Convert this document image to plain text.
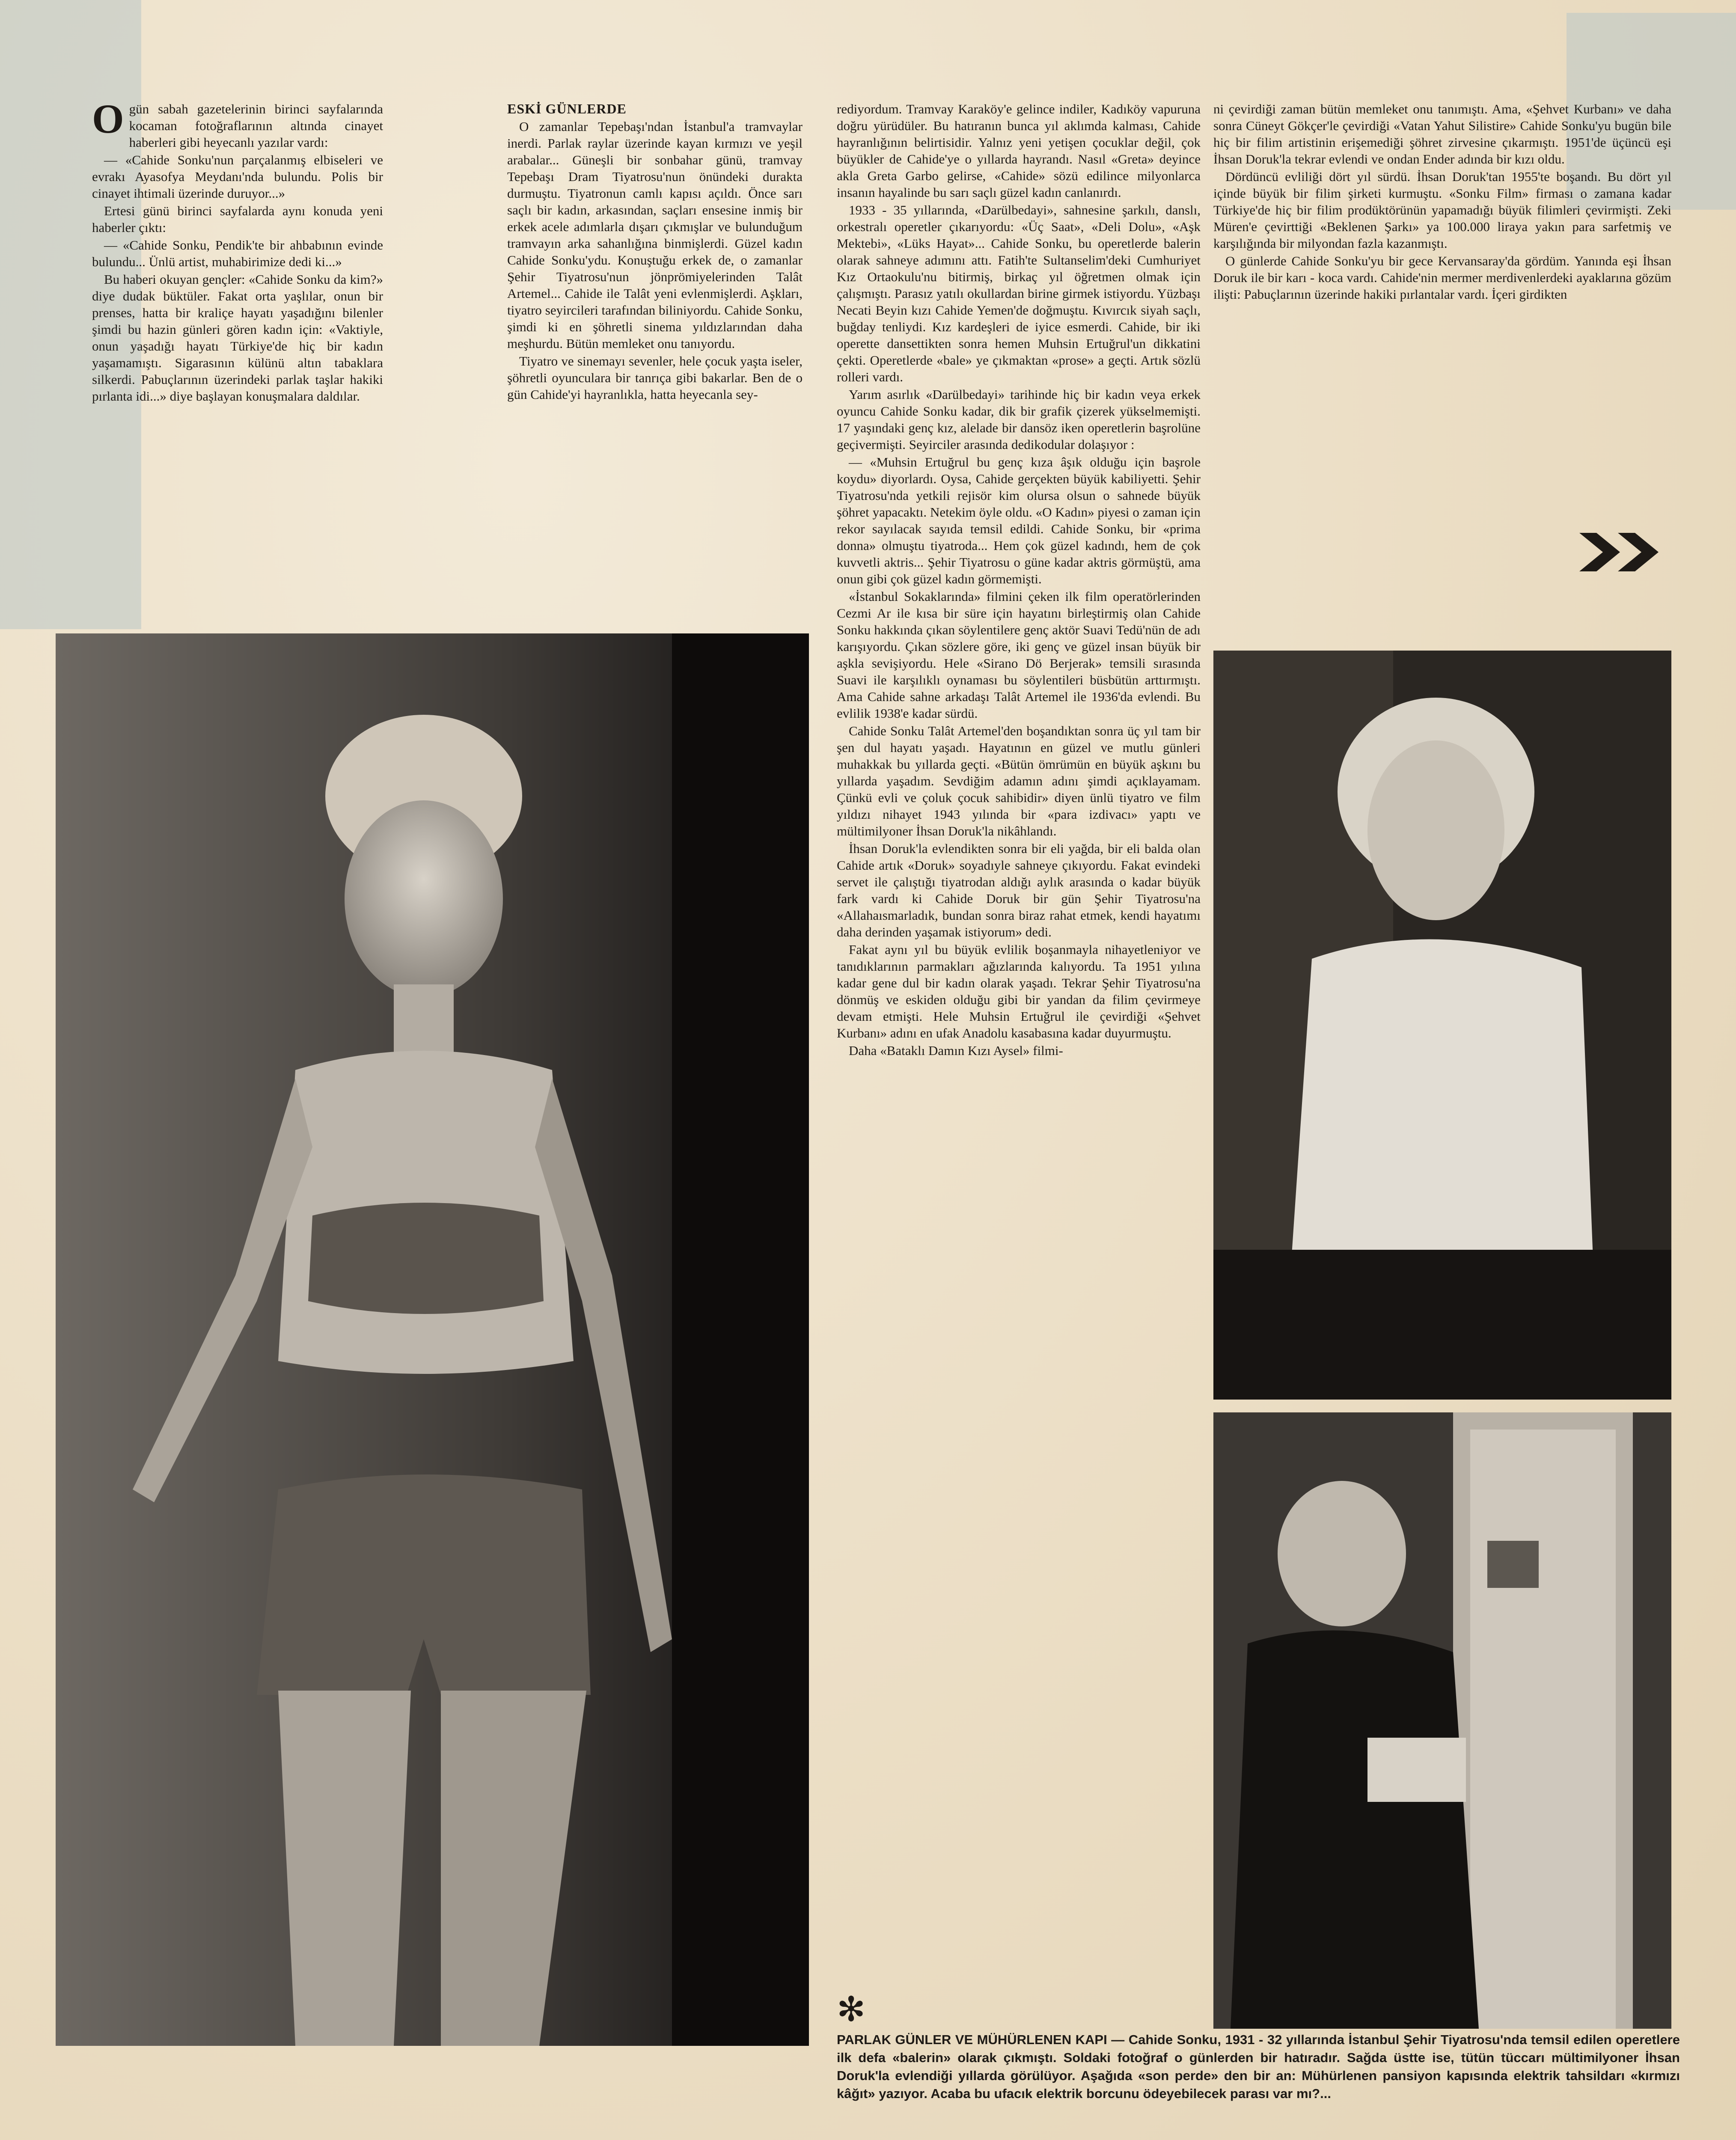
O gün sabah gazetelerinin birinci sayfalarında kocaman fotoğraflarının altında cinayet haberleri gibi heyecanlı yazılar vardı:

— «Cahide Sonku'nun parçalanmış elbiseleri ve evrakı Ayasofya Meydanı'nda bulundu. Polis bir cinayet ihtimali üzerinde duruyor...»

Ertesi günü birinci sayfalarda aynı konuda yeni haberler çıktı:

— «Cahide Sonku, Pendik'te bir ahbabının evinde bulundu... Ünlü artist, muhabirimize dedi ki...»

Bu haberi okuyan gençler: «Cahide Sonku da kim?» diye dudak büktüler. Fakat orta yaşlılar, onun bir prenses, hatta bir kraliçe hayatı yaşadığını bilenler şimdi bu hazin günleri gören kadın için: «Vaktiyle, onun yaşadığı hayatı Türkiye'de hiç bir kadın yaşamamıştı. Sigarasının külünü altın tabaklara silkerdi. Pabuçlarının üzerindeki parlak taşlar hakiki pırlanta idi...» diye başlayan konuşmalara daldılar.

ESKİ GÜNLERDE

O zamanlar Tepebaşı'ndan İstanbul'a tramvaylar inerdi. Parlak raylar üzerinde kayan kırmızı ve yeşil arabalar... Güneşli bir sonbahar günü, tramvay Tepebaşı Dram Tiyatrosu'nun önündeki durakta durmuştu. Tiyatronun camlı kapısı açıldı. Önce sarı saçlı bir kadın, arkasından, saçları ensesine inmiş bir erkek acele adımlarla dışarı çıkmışlar ve bulunduğum tramvayın arka sahanlığına binmişlerdi. Güzel kadın Cahide Sonku'ydu. Konuştuğu erkek de, o zamanlar Şehir Tiyatrosu'nun jönprömiyelerinden Talât Artemel... Cahide ile Talât yeni evlenmişlerdi. Aşkları, tiyatro seyircileri tarafından biliniyordu. Cahide Sonku, şimdi ki en şöhretli sinema yıldızlarından daha meşhurdu. Bütün memleket onu tanıyordu.

Tiyatro ve sinemayı sevenler, hele çocuk yaşta iseler, şöhretli oyunculara bir tanrıça gibi bakarlar. Ben de o gün Cahide'yi hayranlıkla, hatta heyecanla sey-

rediyordum. Tramvay Karaköy'e gelince indiler, Kadıköy vapuruna doğru yürüdüler. Bu hatıranın bunca yıl aklımda kalması, Cahide hayranlığının belirtisidir. Yalnız yeni yetişen çocuklar değil, çok büyükler de Cahide'ye o yıllarda hayrandı. Nasıl «Greta» deyince akla Greta Garbo gelirse, «Cahide» sözü edilince milyonlarca insanın hayalinde bu sarı saçlı güzel kadın canlanırdı.

1933 - 35 yıllarında, «Darülbedayi», sahnesine şarkılı, danslı, orkestralı operetler çıkarıyordu: «Üç Saat», «Deli Dolu», «Aşk Mektebi», «Lüks Hayat»... Cahide Sonku, bu operetlerde balerin olarak sahneye adımını attı. Fatih'te Sultanselim'deki Cumhuriyet Kız Ortaokulu'nu bitirmiş, birkaç yıl öğretmen olmak için çalışmıştı. Parasız yatılı okullardan birine girmek istiyordu. Yüzbaşı Necati Beyin kızı Cahide Yemen'de doğmuştu. Kıvırcık siyah saçlı, buğday tenliydi. Kız kardeşleri de iyice esmerdi. Cahide, bir iki operette dansettikten sonra hemen Muhsin Ertuğrul'un dikkatini çekti. Operetlerde «bale» ye çıkmaktan «prose» a geçti. Artık sözlü rolleri vardı.

Yarım asırlık «Darülbedayi» tarihinde hiç bir kadın veya erkek oyuncu Cahide Sonku kadar, dik bir grafik çizerek yükselmemişti. 17 yaşındaki genç kız, alelade bir dansöz iken operetlerin başrolüne geçivermişti. Seyirciler arasında dedikodular dolaşıyor :

— «Muhsin Ertuğrul bu genç kıza âşık olduğu için başrole koydu» diyorlardı. Oysa, Cahide gerçekten büyük kabiliyetti. Şehir Tiyatrosu'nda yetkili rejisör kim olursa olsun o sahnede büyük şöhret yapacaktı. Netekim öyle oldu. «O Kadın» piyesi o zaman için rekor sayılacak sayıda temsil edildi. Cahide Sonku, bir «prima donna» olmuştu tiyatroda... Hem çok güzel kadındı, hem de çok kuvvetli aktris... Şehir Tiyatrosu o güne kadar aktris görmüştü, ama onun gibi çok güzel kadın görmemişti.

«İstanbul Sokaklarında» filmini çeken ilk film operatörlerinden Cezmi Ar ile kısa bir süre için hayatını birleştirmiş olan Cahide Sonku hakkında çıkan söylentilere genç aktör Suavi Tedü'nün de adı karışıyordu. Çıkan sözlere göre, iki genç ve güzel insan büyük bir aşkla sevişiyordu. Hele «Sirano Dö Berjerak» temsili sırasında Suavi ile karşılıklı oynaması bu söylentileri büsbütün arttırmıştı. Ama Cahide sahne arkadaşı Talât Artemel ile 1936'da evlendi. Bu evlilik 1938'e kadar sürdü.

Cahide Sonku Talât Artemel'den boşandıktan sonra üç yıl tam bir şen dul hayatı yaşadı. Hayatının en güzel ve mutlu günleri muhakkak bu yıllarda geçti. «Bütün ömrümün en büyük aşkını bu yıllarda yaşadım. Sevdiğim adamın adını şimdi açıklayamam. Çünkü evli ve çoluk çocuk sahibidir» diyen ünlü tiyatro ve film yıldızı nihayet 1943 yılında bir «para izdivacı» yaptı ve mültimilyoner İhsan Doruk'la nikâhlandı.

İhsan Doruk'la evlendikten sonra bir eli yağda, bir eli balda olan Cahide artık «Doruk» soyadıyle sahneye çıkıyordu. Fakat evindeki servet ile çalıştığı tiyatrodan aldığı aylık arasında o kadar büyük fark vardı ki Cahide Doruk bir gün Şehir Tiyatrosu'na «Allahaısmarladık, bundan sonra biraz rahat etmek, kendi hayatımı daha derinden yaşamak istiyorum» dedi.

Fakat aynı yıl bu büyük evlilik boşanmayla nihayetleniyor ve tanıdıklarının parmakları ağızlarında kalıyordu. Ta 1951 yılına kadar gene dul bir kadın olarak yaşadı. Tekrar Şehir Tiyatrosu'na dönmüş ve eskiden olduğu gibi bir yandan da filim çevirmeye devam etmişti. Hele Muhsin Ertuğrul ile çevirdiği «Şehvet Kurbanı» adını en ufak Anadolu kasabasına kadar duyurmuştu.

Daha «Bataklı Damın Kızı Aysel» filmi-

ni çevirdiği zaman bütün memleket onu tanımıştı. Ama, «Şehvet Kurbanı» ve daha sonra Cüneyt Gökçer'le çevirdiği «Vatan Yahut Silistire» Cahide Sonku'yu bugün bile hiç bir filim artistinin erişemediği şöhret zirvesine çıkarmıştı. 1951'de üçüncü eşi İhsan Doruk'la tekrar evlendi ve ondan Ender adında bir kızı oldu.

Dördüncü evliliği dört yıl sürdü. İhsan Doruk'tan 1955'te boşandı. Bu dört yıl içinde büyük bir filim şirketi kurmuştu. «Sonku Film» firması o zamana kadar Türkiye'de hiç bir filim prodüktörünün yapamadığı büyük filimleri çevirmişti. Zeki Müren'e çevirttiği «Beklenen Şarkı» ya 100.000 liraya yakın para sarfetmiş ve karşılığında bir milyondan fazla kazanmıştı.

O günlerde Cahide Sonku'yu bir gece Kervansaray'da gördüm. Yanında eşi İhsan Doruk ile bir karı - koca vardı. Cahide'nin mermer merdivenlerdeki ayaklarına gözüm ilişti: Pabuçlarının üzerinde hakiki pırlantalar vardı. İçeri girdikten

✻
PARLAK GÜNLER VE MÜHÜRLENEN KAPI — Cahide Sonku, 1931 - 32 yıllarında İstanbul Şehir Tiyatrosu'nda temsil edilen operetlere ilk defa «balerin» olarak çıkmıştı. Soldaki fotoğraf o günlerden bir hatıradır. Sağda üstte ise, tütün tüccarı mültimilyoner İhsan Doruk'la evlendiği yıllarda görülüyor. Aşağıda «son perde» den bir an: Mühürlenen pansiyon kapısında elektrik tahsildarı «kırmızı kâğıt» yazıyor. Acaba bu ufacık elektrik borcunu ödeyebilecek parası var mı?...
